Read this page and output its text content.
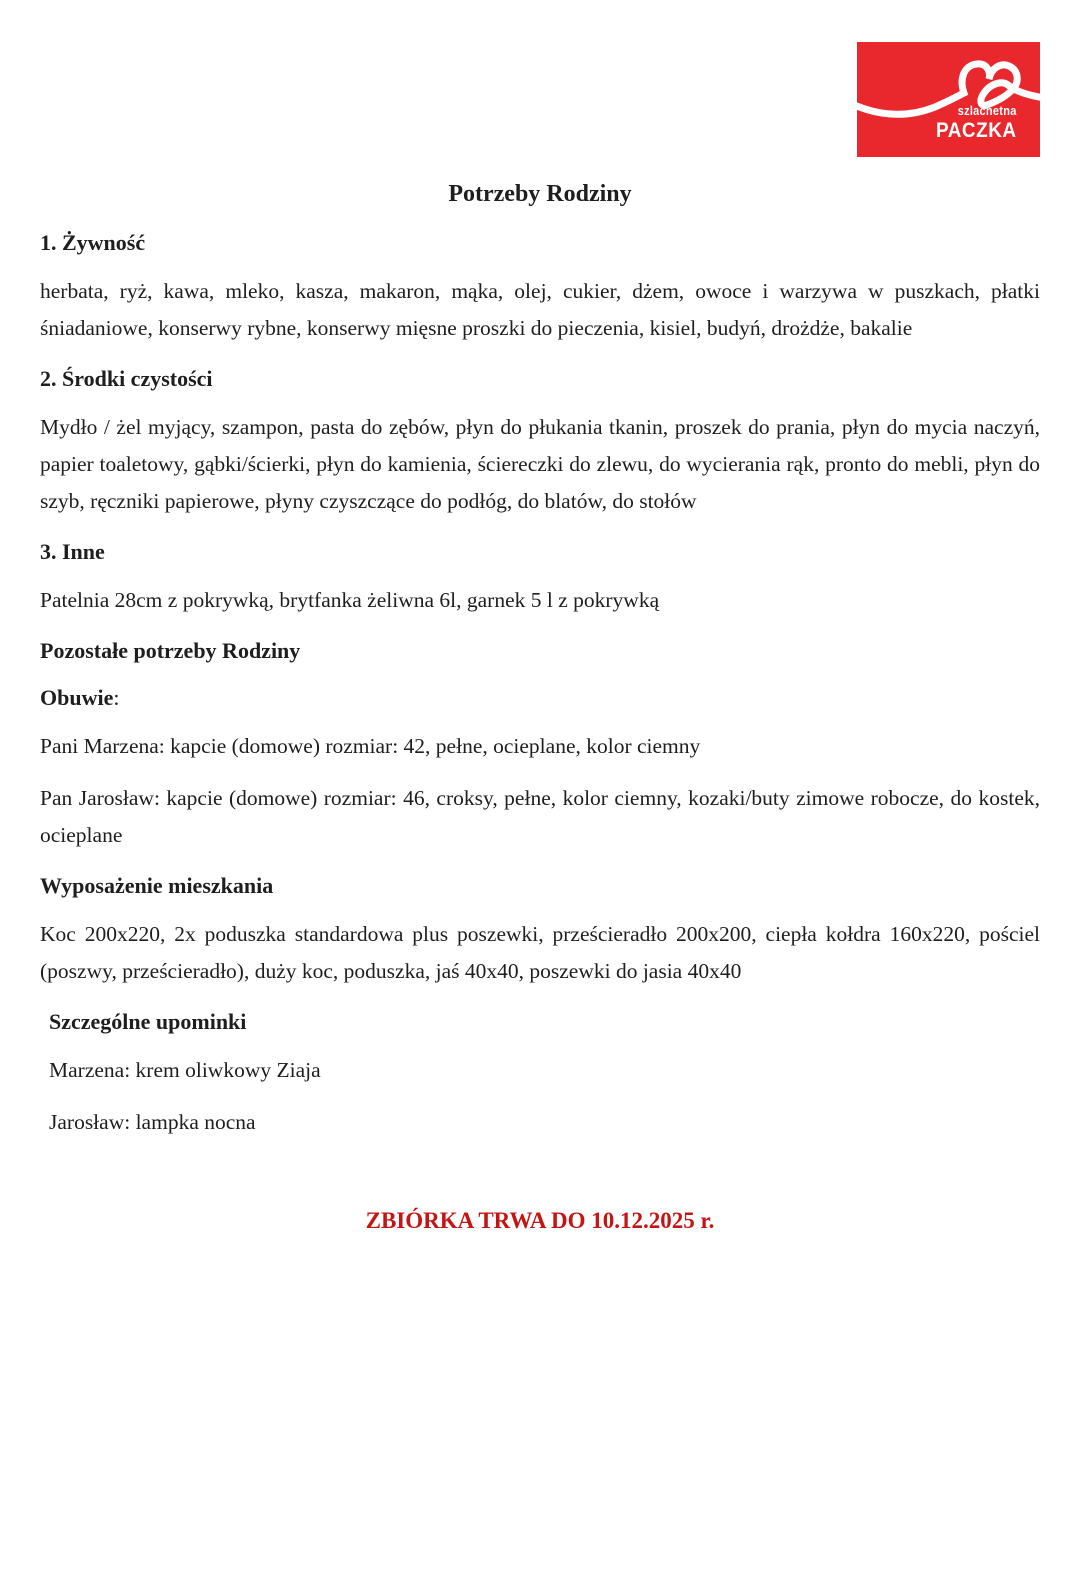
szlachetna
PACZKA
Potrzeby Rodziny
1. Żywność

herbata, ryż, kawa, mleko, kasza, makaron, mąka, olej, cukier, dżem, owoce i warzywa w puszkach, płatki śniadaniowe, konserwy rybne, konserwy mięsne proszki do pieczenia, kisiel, budyń, drożdże, bakalie

2. Środki czystości

Mydło / żel myjący, szampon, pasta do zębów, płyn do płukania tkanin, proszek do prania, płyn do mycia naczyń, papier toaletowy, gąbki/ścierki, płyn do kamienia, ściereczki do zlewu, do wycierania rąk, pronto do mebli, płyn do szyb, ręczniki papierowe, płyny czyszczące do podłóg, do blatów, do stołów

3. Inne

Patelnia 28cm z pokrywką, brytfanka żeliwna 6l, garnek 5 l z pokrywką

Pozostałe potrzeby Rodziny
Obuwie:

Pani Marzena: kapcie (domowe) rozmiar: 42, pełne, ocieplane, kolor ciemny

Pan Jarosław: kapcie (domowe) rozmiar: 46, croksy, pełne, kolor ciemny, kozaki/buty zimowe robocze, do kostek, ocieplane

Wyposażenie mieszkania

Koc 200x220, 2x poduszka standardowa plus poszewki, prześcieradło 200x200, ciepła kołdra 160x220, pościel (poszwy, prześcieradło), duży koc, poduszka, jaś 40x40, poszewki do jasia 40x40

Szczególne upominki

Marzena: krem oliwkowy Ziaja

Jarosław: lampka nocna

ZBIÓRKA TRWA DO 10.12.2025 r.
